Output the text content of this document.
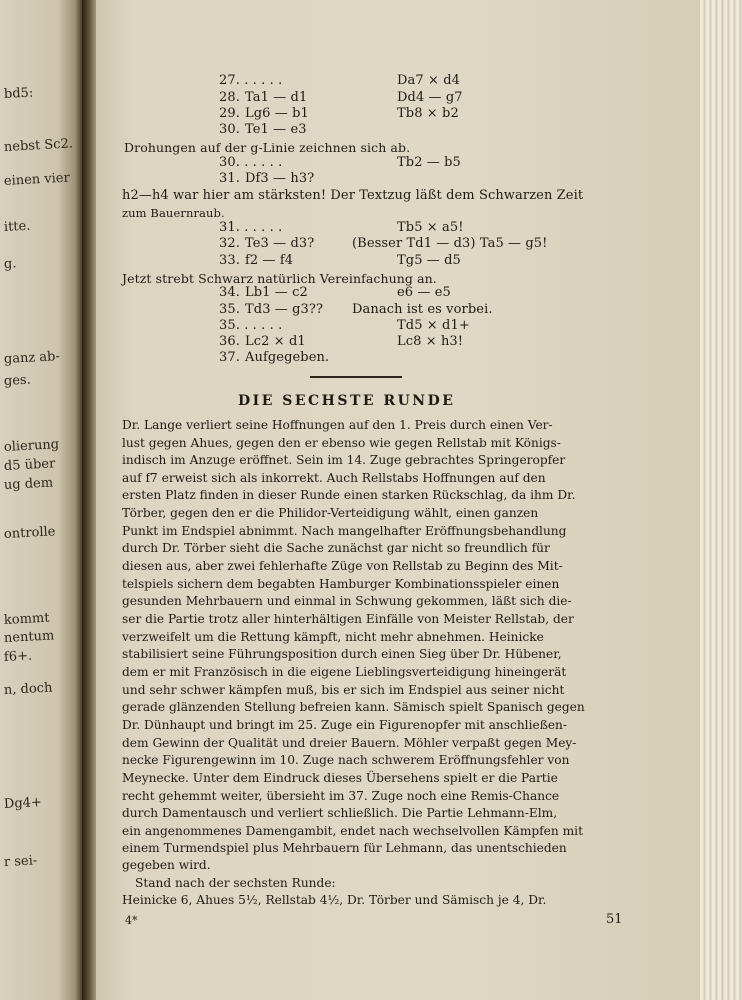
bd5:
nebst Sc2.
einen vier
itte.
g.
ganz ab-
ges.
olierung
d5 über
ug dem
ontrolle
kommt
nentum
f6+.
n, doch
Dg4+
r sei-
27. . . . . .	Da7 × d4
28. Ta1 — d1	Dd4 — g7
29. Lg6 — b1	Tb8 × b2
30. Te1 — e3
Drohungen auf der g-Linie zeichnen sich ab.
30. . . . . .	Tb2 — b5
31. Df3 — h3?
h2—h4 war hier am stärksten! Der Textzug läßt dem Schwarzen Zeit
zum Bauernraub.
31. . . . . .	Tb5 × a5!
32. Te3 — d3?	(Besser Td1 — d3) Ta5 — g5!
33. f2 — f4	Tg5 — d5
Jetzt strebt Schwarz natürlich Vereinfachung an.
34. Lb1 — c2	e6 — e5
35. Td3 — g3?? Danach ist es vorbei.
35. . . . . .	Td5 × d1+
36. Lc2 × d1	Lc8 × h3!
37. Aufgegeben.
DIE SECHSTE RUNDE
Dr. Lange verliert seine Hoffnungen auf den 1. Preis durch einen Ver-
lust gegen Ahues, gegen den er ebenso wie gegen Rellstab mit Königs-
indisch im Anzuge eröffnet. Sein im 14. Zuge gebrachtes Springeropfer
auf f7 erweist sich als inkorrekt. Auch Rellstabs Hoffnungen auf den
ersten Platz finden in dieser Runde einen starken Rückschlag, da ihm Dr.
Törber, gegen den er die Philidor-Verteidigung wählt, einen ganzen
Punkt im Endspiel abnimmt. Nach mangelhafter Eröffnungsbehandlung
durch Dr. Törber sieht die Sache zunächst gar nicht so freundlich für
diesen aus, aber zwei fehlerhafte Züge von Rellstab zu Beginn des Mit-
telspiels sichern dem begabten Hamburger Kombinationsspieler einen
gesunden Mehrbauern und einmal in Schwung gekommen, läßt sich die-
ser die Partie trotz aller hinterhältigen Einfälle von Meister Rellstab, der
verzweifelt um die Rettung kämpft, nicht mehr abnehmen. Heinicke
stabilisiert seine Führungsposition durch einen Sieg über Dr. Hübener,
dem er mit Französisch in die eigene Lieblingsverteidigung hineingerät
und sehr schwer kämpfen muß, bis er sich im Endspiel aus seiner nicht
gerade glänzenden Stellung befreien kann. Sämisch spielt Spanisch gegen
Dr. Dünhaupt und bringt im 25. Zuge ein Figurenopfer mit anschließen-
dem Gewinn der Qualität und dreier Bauern. Möhler verpaßt gegen Mey-
necke Figurengewinn im 10. Zuge nach schwerem Eröffnungsfehler von
Meynecke. Unter dem Eindruck dieses Übersehens spielt er die Partie
recht gehemmt weiter, übersieht im 37. Zuge noch eine Remis-Chance
durch Damentausch und verliert schließlich. Die Partie Lehmann-Elm,
ein angenommenes Damengambit, endet nach wechselvollen Kämpfen mit
einem Turmendspiel plus Mehrbauern für Lehmann, das unentschieden
gegeben wird.
Stand nach der sechsten Runde:
Heinicke 6, Ahues 5½, Rellstab 4½, Dr. Törber und Sämisch je 4, Dr.
51
4*
